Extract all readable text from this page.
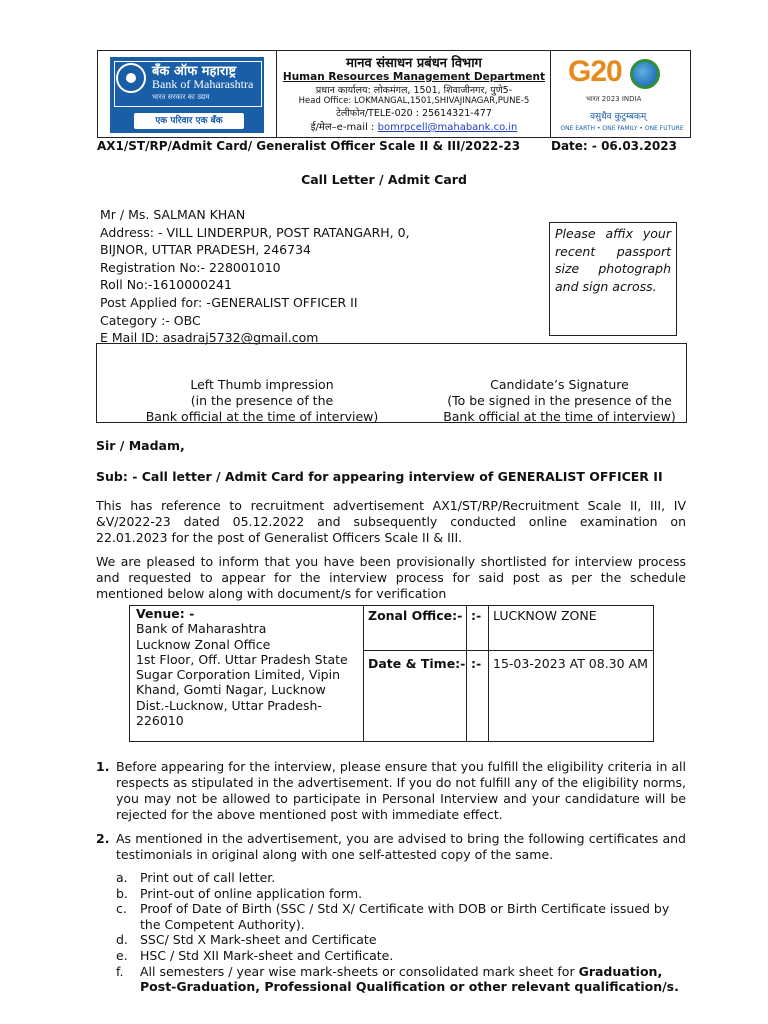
बँक ऑफ महाराष्ट्र
Bank of Maharashtra
भारत सरकार का उद्यम
एक परिवार एक बँक
मानव संसाधन प्रबंधन विभाग
Human Resources Management Department
प्रधान कार्यालय: लोकमंगल, 1501, शिवाजीनगर, पुणे5-
Head Office: LOKMANGAL,1501,SHIVAJINAGAR,PUNE-5
टेलीफोन/TELE-020 : 25614321-477
ई/मेल–e-mail : bomrpcell@mahabank.co.in
G20
भारत 2023 INDIA
वसुधैव कुटुम्बकम्
ONE EARTH • ONE FAMILY • ONE FUTURE
AX1/ST/RP/Admit Card/ Generalist Officer Scale II & III/2022-23	Date: - 06.03.2023
Call Letter / Admit Card
Mr / Ms. SALMAN KHAN
Address: - VILL LINDERPUR, POST RATANGARH, 0,
BIJNOR, UTTAR PRADESH, 246734
Registration No:- 228001010
Roll No:-1610000241
Post Applied for: -GENERALIST OFFICER II
Category :- OBC
E Mail ID: asadraj5732@gmail.com
Please affix your recent passport size photograph and sign across.
Left Thumb impression
(in the presence of the
Bank official at the time of interview)
Candidate’s Signature
(To be signed in the presence of the
Bank official at the time of interview)
Sir / Madam,
Sub: - Call letter / Admit Card for appearing interview of GENERALIST OFFICER II
This has reference to recruitment advertisement AX1/ST/RP/Recruitment Scale II, III, IV &V/2022-23 dated 05.12.2022 and subsequently conducted online examination on 22.01.2023 for the post of Generalist Officers Scale II & III.
We are pleased to inform that you have been provisionally shortlisted for interview process and requested to appear for the interview process for said post as per the schedule mentioned below along with document/s for verification
Venue: -
Bank of Maharashtra
Lucknow Zonal Office
1st Floor, Off. Uttar Pradesh State
Sugar Corporation Limited, Vipin
Khand, Gomti Nagar, Lucknow
Dist.-Lucknow, Uttar Pradesh-
226010
Zonal Office:- :- LUCKNOW ZONE
Date & Time:- :- 15-03-2023 AT 08.30 AM
1. Before appearing for the interview, please ensure that you fulfill the eligibility criteria in all respects as stipulated in the advertisement. If you do not fulfill any of the eligibility norms, you may not be allowed to participate in Personal Interview and your candidature will be rejected for the above mentioned post with immediate effect.
2. As mentioned in the advertisement, you are advised to bring the following certificates and testimonials in original along with one self-attested copy of the same.
a. Print out of call letter.
b. Print-out of online application form.
c. Proof of Date of Birth (SSC / Std X/ Certificate with DOB or Birth Certificate issued by the Competent Authority).
d. SSC/ Std X Mark-sheet and Certificate
e. HSC / Std XII Mark-sheet and Certificate.
f. All semesters / year wise mark-sheets or consolidated mark sheet for Graduation, Post-Graduation, Professional Qualification or other relevant qualification/s.
